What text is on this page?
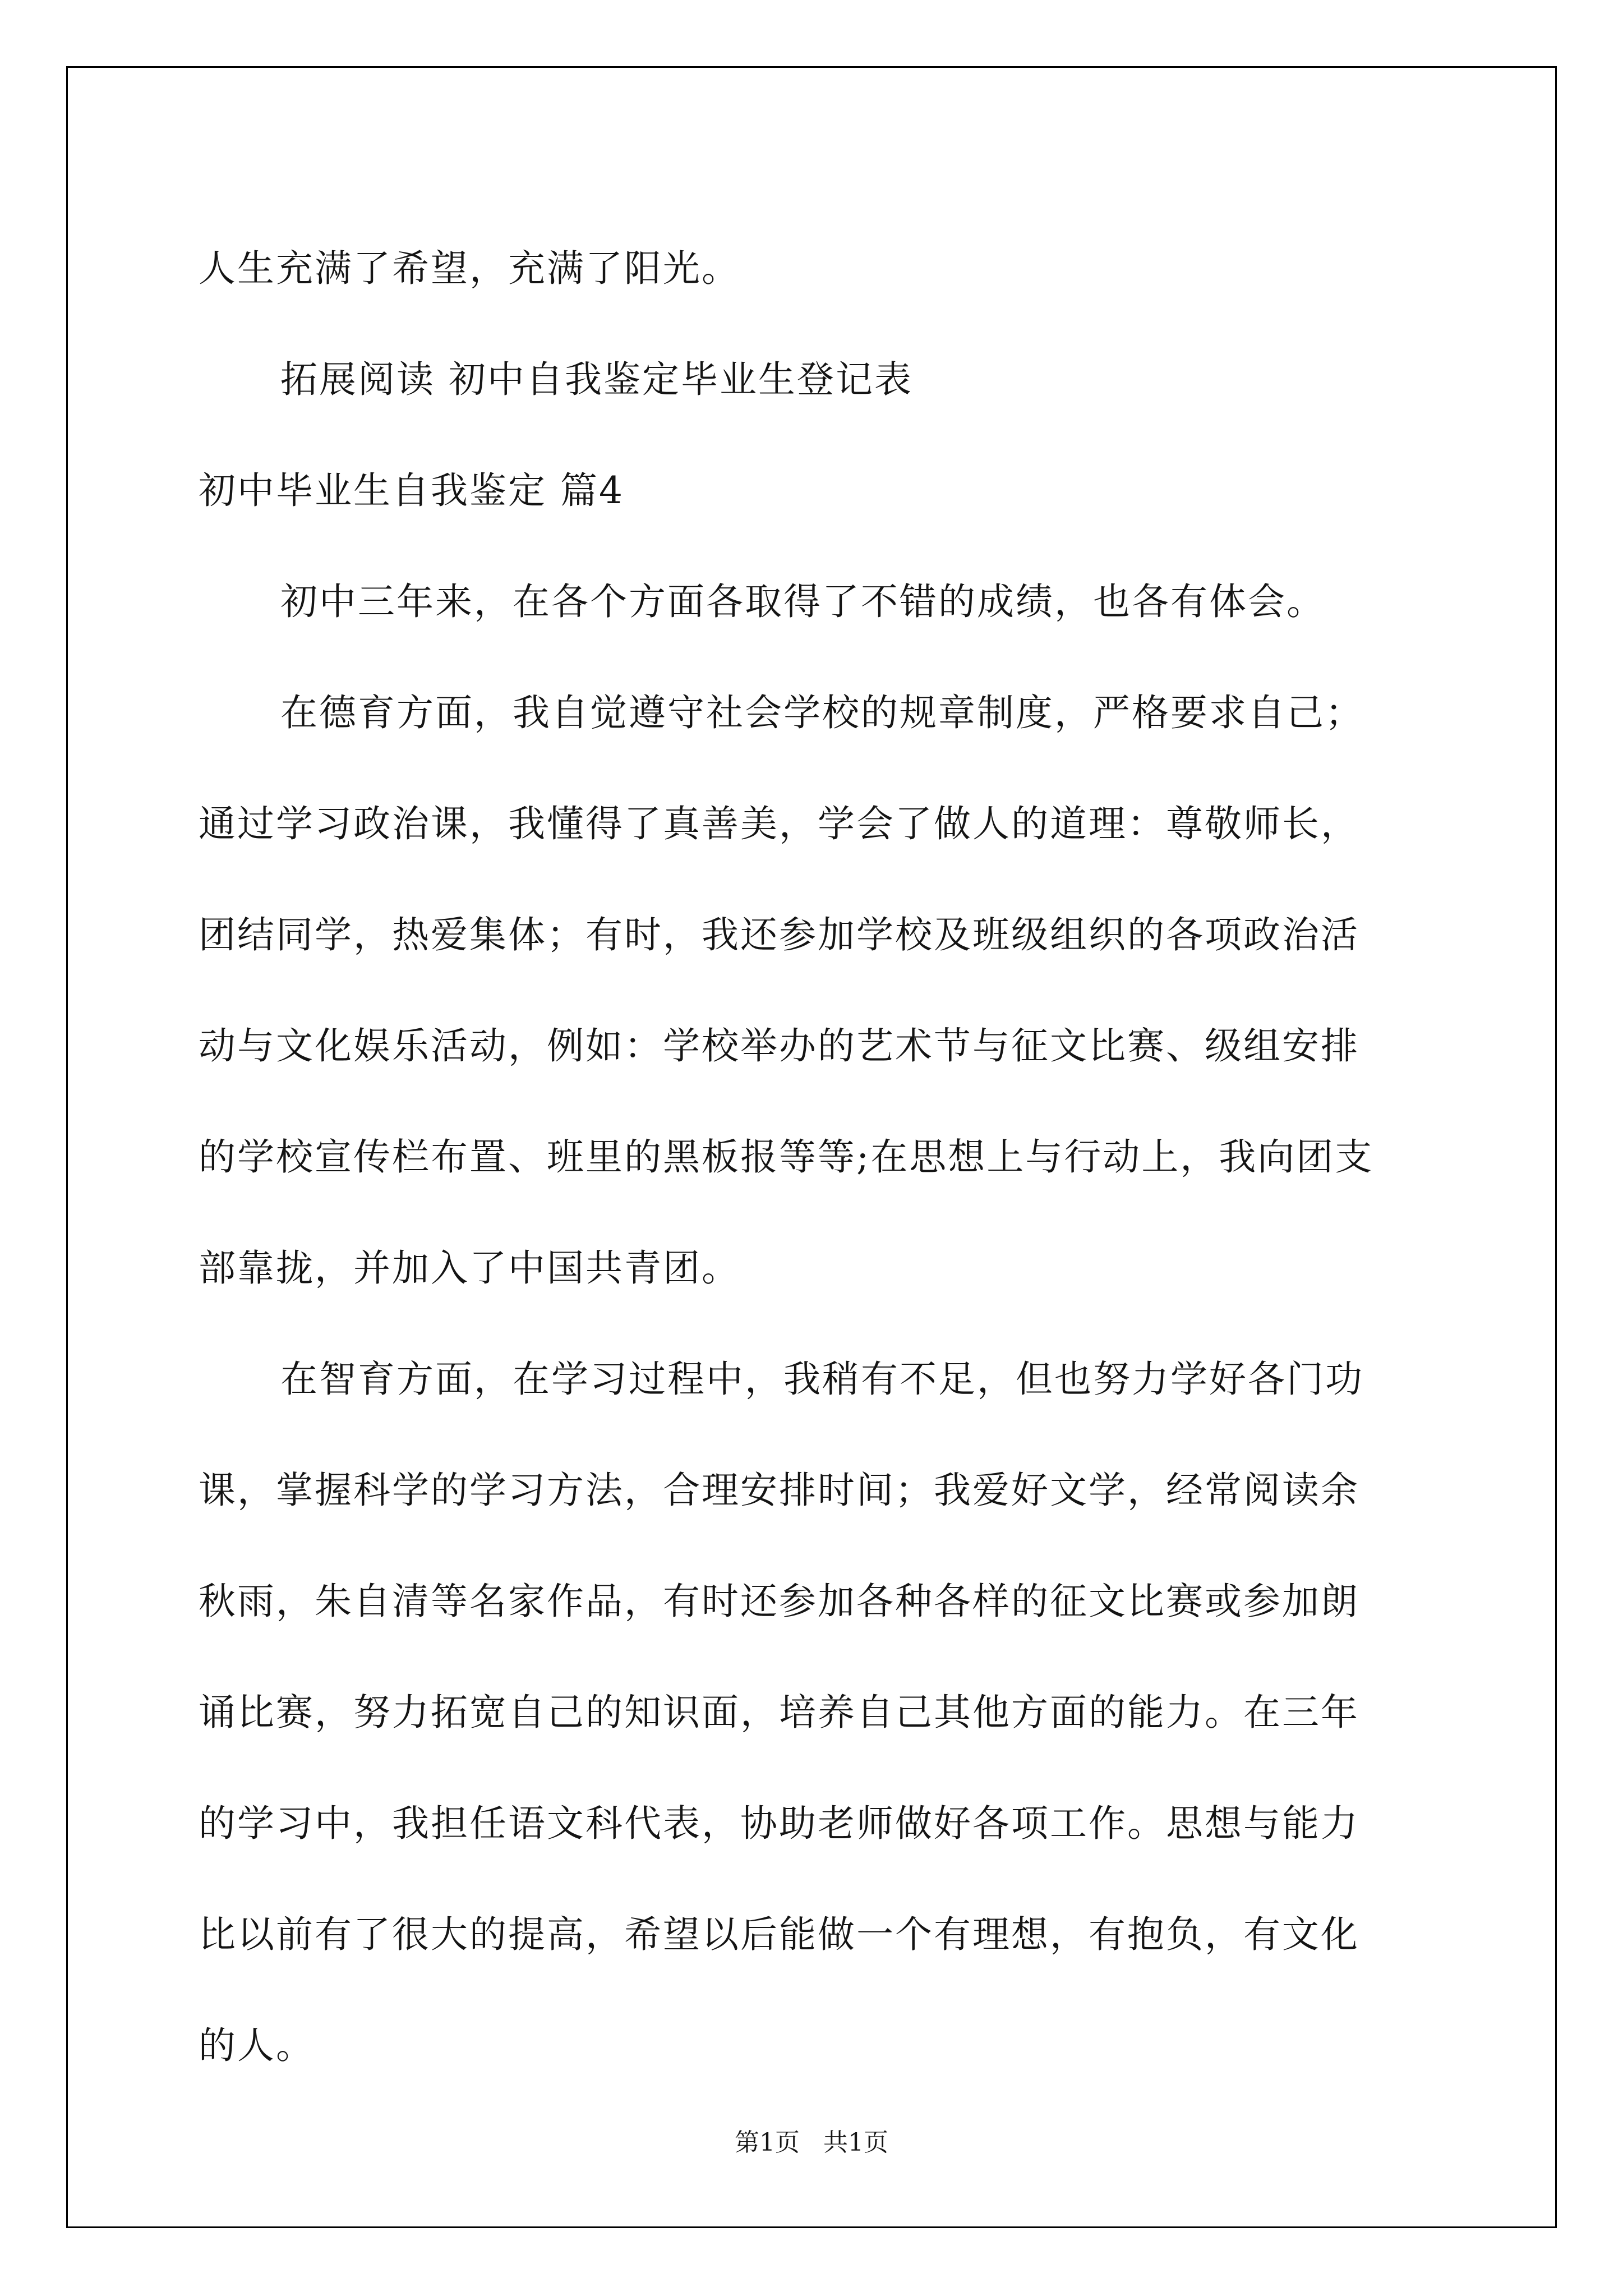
人生充满了希望，充满了阳光。
拓展阅读 初中自我鉴定毕业生登记表
初中毕业生自我鉴定 篇4
初中三年来，在各个方面各取得了不错的成绩，也各有体会。
在德育方面，我自觉遵守社会学校的规章制度，严格要求自己；
通过学习政治课，我懂得了真善美，学会了做人的道理：尊敬师长，
团结同学，热爱集体；有时，我还参加学校及班级组织的各项政治活
动与文化娱乐活动，例如：学校举办的艺术节与征文比赛、级组安排
的学校宣传栏布置、班里的黑板报等等;在思想上与行动上，我向团支
部靠拢，并加入了中国共青团。
在智育方面，在学习过程中，我稍有不足，但也努力学好各门功
课，掌握科学的学习方法，合理安排时间；我爱好文学，经常阅读余
秋雨，朱自清等名家作品，有时还参加各种各样的征文比赛或参加朗
诵比赛，努力拓宽自己的知识面，培养自己其他方面的能力。在三年
的学习中，我担任语文科代表，协助老师做好各项工作。思想与能力
比以前有了很大的提高，希望以后能做一个有理想，有抱负，有文化
的人。
第1页   共1页
